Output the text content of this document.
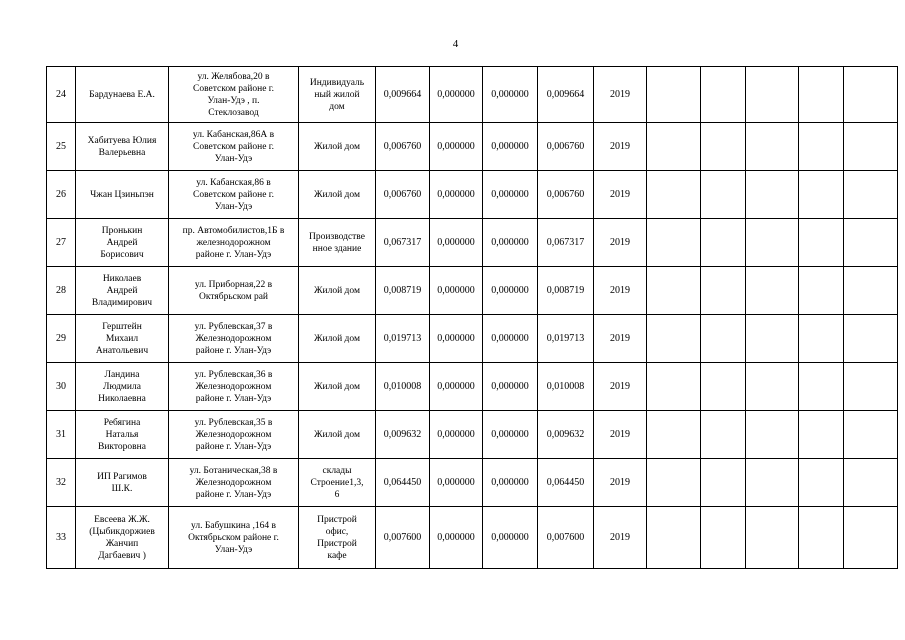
4
24	Бардунаева Е.А.	ул. Желябова,20 в
Советском районе г.
Улан-Удэ , п.
Стеклозавод	Индивидуаль
ный жилой
дом	0,009664	0,000000	0,000000	0,009664	2019					
25	Хабитуева Юлия
Валерьевна	ул. Кабанская,86А в
Советском районе г.
Улан-Удэ	Жилой дом	0,006760	0,000000	0,000000	0,006760	2019					
26	Чжан Цзиньпэн	ул. Кабанская,86 в
Советском районе г.
Улан-Удэ	Жилой дом	0,006760	0,000000	0,000000	0,006760	2019					
27	Пронькин
Андрей
Борисович	пр. Автомобилистов,1Б в
железнодорожном
районе г. Улан-Удэ	Производстве
нное здание	0,067317	0,000000	0,000000	0,067317	2019					
28	Николаев
Андрей
Владимирович	ул. Приборная,22 в
Октябрьском рай	Жилой дом	0,008719	0,000000	0,000000	0,008719	2019					
29	Герштейн
Михаил
Анатольевич	ул. Рублевская,37 в
Железнодорожном
районе г. Улан-Удэ	Жилой дом	0,019713	0,000000	0,000000	0,019713	2019					
30	Ландина
Людмила
Николаевна	ул. Рублевская,36 в
Железнодорожном
районе г. Улан-Удэ	Жилой дом	0,010008	0,000000	0,000000	0,010008	2019					
31	Ребягина
Наталья
Викторовна	ул. Рублевская,35 в
Железнодорожном
районе г. Улан-Удэ	Жилой дом	0,009632	0,000000	0,000000	0,009632	2019					
32	ИП Рагимов
Ш.К.	ул. Ботаническая,38 в
Железнодорожном
районе г. Улан-Удэ	склады
Строение1,3,
6	0,064450	0,000000	0,000000	0,064450	2019					
33	Евсеева Ж.Ж.
(Цыбикдоржиев
Жанчип
Дагбаевич )	ул. Бабушкина ,164 в
Октябрьском районе г.
Улан-Удэ	Пристрой
офис,
Пристрой
кафе	0,007600	0,000000	0,000000	0,007600	2019					
